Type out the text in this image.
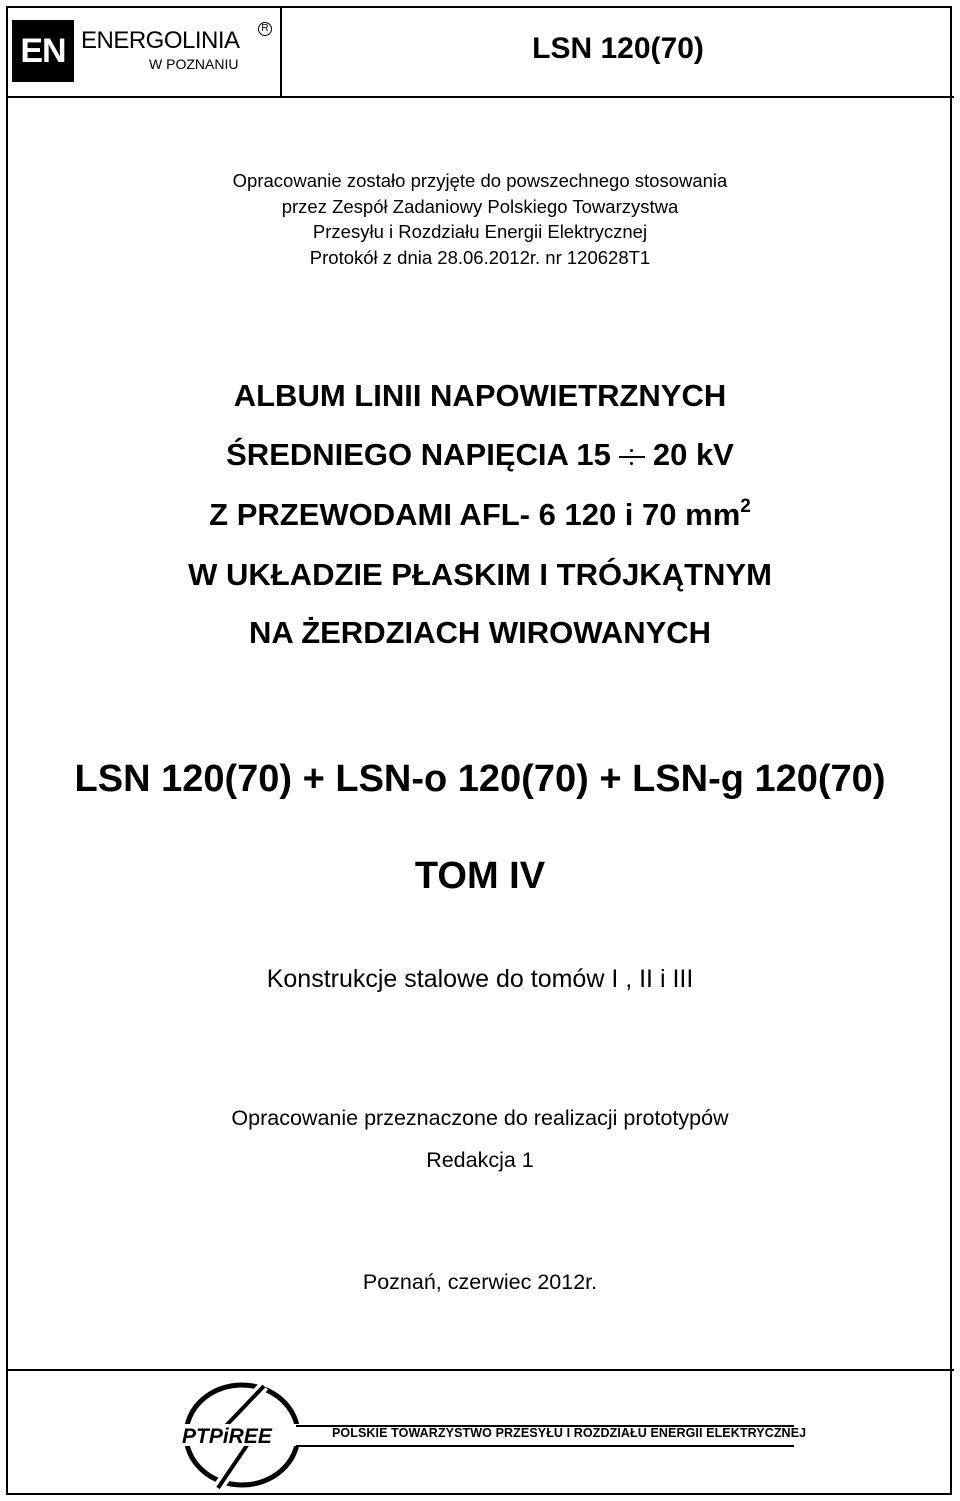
EN ENERGOLINIA	R
W POZNANIU	LSN 120(70)
Opracowanie zostało przyjęte do powszechnego stosowania
przez Zespół Zadaniowy Polskiego Towarzystwa
Przesyłu i Rozdziału Energii Elektrycznej
Protokół z dnia 28.06.2012r. nr 120628T1
ALBUM LINII NAPOWIETRZNYCH
ŚREDNIEGO NAPIĘCIA 15 20 kV
Z PRZEWODAMI AFL- 6 120 i 70 $mm^2$
W UKŁADZIE PŁASKIM I TRÓJKĄTNYM
NA ŻERDZIACH WIROWANYCH
LSN 120(70) + LSN-o 120(70) + LSN-g 120(70)
TOM IV
Konstrukcje stalowe do tomów I , II i III
Opracowanie przeznaczone do realizacji prototypów
Redakcja 1
Poznań, czerwiec 2012r.
PTPiREE	POLSKIE TOWARZYSTWO PRZESYŁU I ROZDZIAŁU ENERGII ELEKTRYCZNEJ
